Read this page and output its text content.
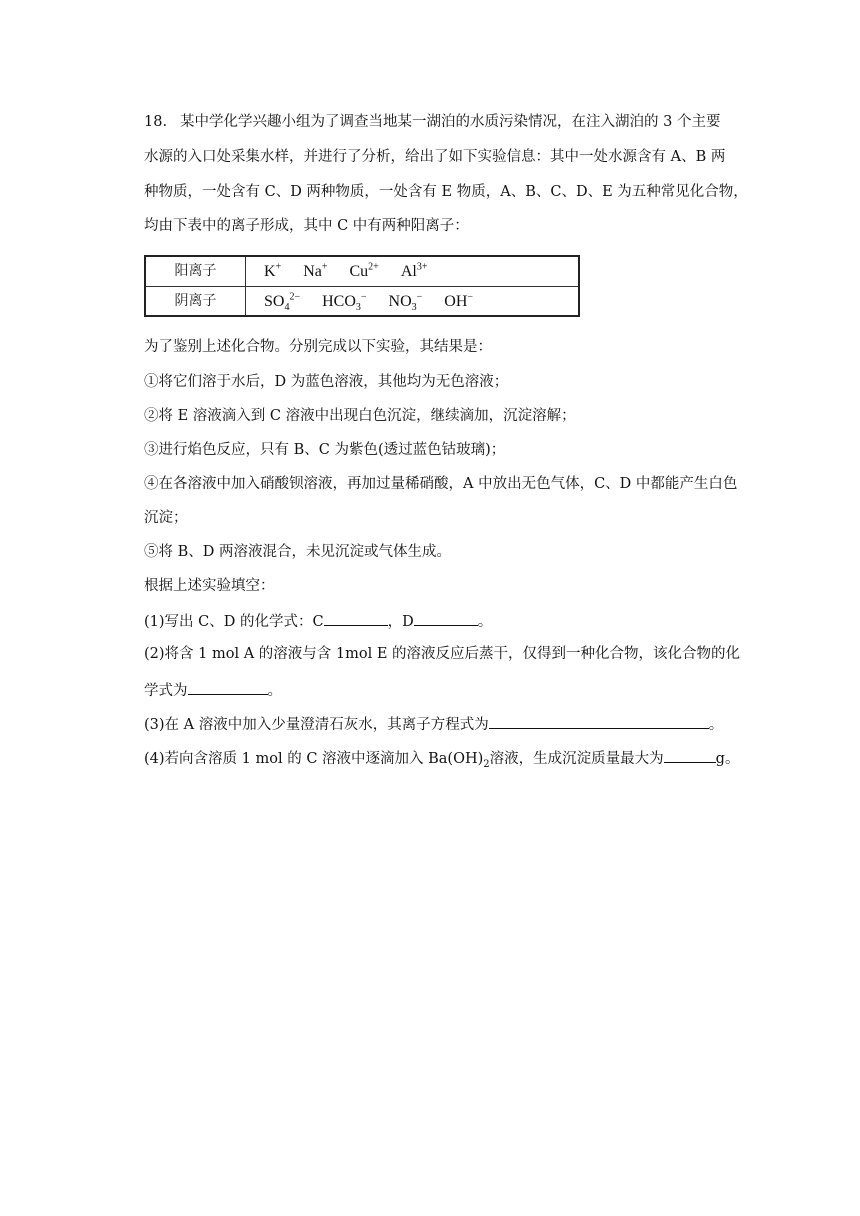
18. 某中学化学兴趣小组为了调查当地某一湖泊的水质污染情况，在注入湖泊的 3 个主要
水源的入口处采集水样，并进行了分析，给出了如下实验信息：其中一处水源含有 A、B 两
种物质，一处含有 C、D 两种物质，一处含有 E 物质，A、B、C、D、E 为五种常见化合物，
均由下表中的离子形成，其中 C 中有两种阳离子：
阳离子	K+ Na+ $Cu^{2+}$ $Al^{3+}$
阴离子	$SO_4^{2-}$ $HCO_3^-$ $NO_3^-$ OH−
为了鉴别上述化合物。分别完成以下实验，其结果是：
①将它们溶于水后，D 为蓝色溶液，其他均为无色溶液；
②将 E 溶液滴入到 C 溶液中出现白色沉淀，继续滴加，沉淀溶解；
③进行焰色反应，只有 B、C 为紫色(透过蓝色钴玻璃)；
④在各溶液中加入硝酸钡溶液，再加过量稀硝酸，A 中放出无色气体，C、D 中都能产生白色
沉淀；
⑤将 B、D 两溶液混合，未见沉淀或气体生成。
根据上述实验填空：
(1)写出 C、D 的化学式：C	，D	。
(2)将含 1 mol A 的溶液与含 1mol E 的溶液反应后蒸干，仅得到一种化合物，该化合物的化
学式为	。
(3)在 A 溶液中加入少量澄清石灰水，其离子方程式为	。
(4)若向含溶质 1 mol 的 C 溶液中逐滴加入 $Ba(OH)_2$溶液，生成沉淀质量最大为	g。
